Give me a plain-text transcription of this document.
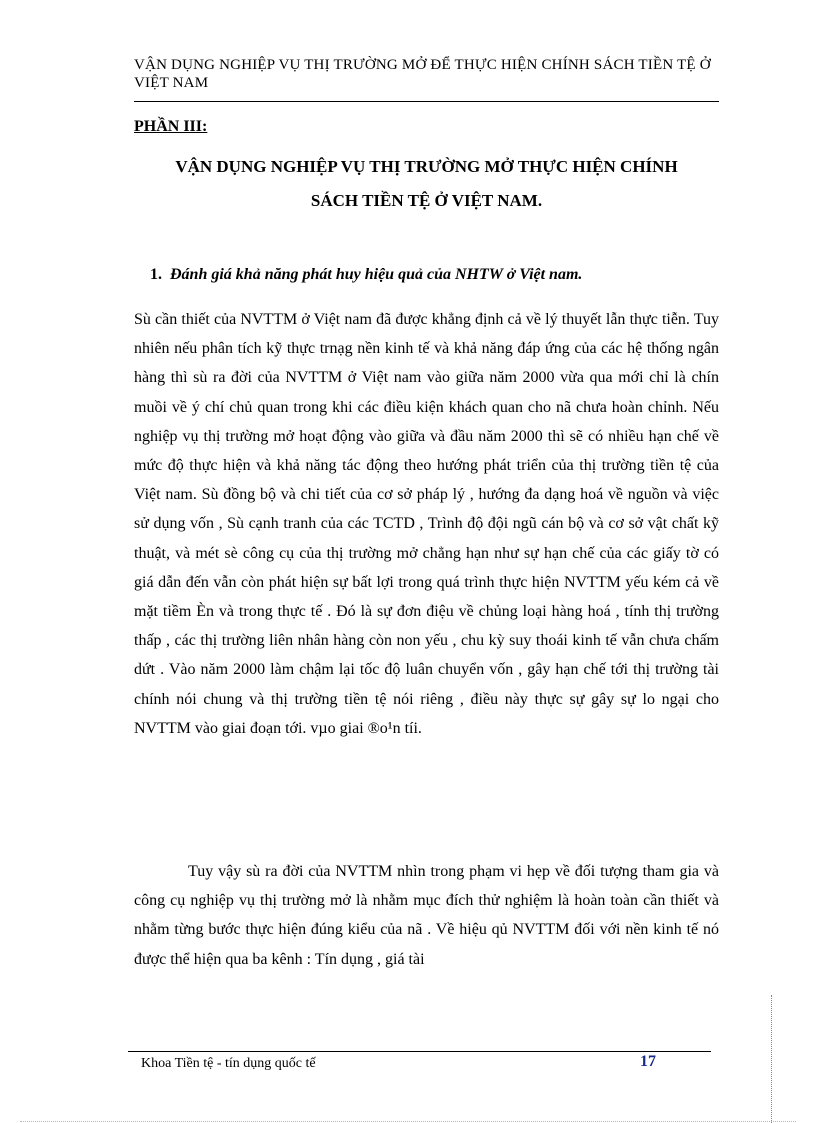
VẬN DỤNG NGHIỆP VỤ THỊ TRƯỜNG MỞ ĐỂ THỰC HIỆN CHÍNH SÁCH TIỀN TỆ Ở VIỆT NAM
PHẦN III:
VẬN DỤNG NGHIỆP VỤ THỊ TRƯỜNG MỞ THỰC HIỆN CHÍNH
SÁCH TIỀN TỆ Ở VIỆT NAM.
1. Đánh giá khả năng phát huy hiệu quả của NHTW ở Việt nam.
Sù cần thiết của NVTTM ở Việt nam đã được khẳng định cả về lý thuyết lẫn thực tiễn. Tuy nhiên nếu phân tích kỹ thực trnạg nền kinh tế và khả năng đáp ứng của các hệ thống ngân hàng thì sù ra đời của NVTTM ở Việt nam vào giữa năm 2000 vừa qua mới chỉ là chín muồi về ý chí chủ quan trong khi các điều kiện khách quan cho nã chưa hoàn chỉnh. Nếu nghiệp vụ thị trường mở hoạt động vào giữa và đầu năm 2000 thì sẽ có nhiều hạn chế về mức độ thực hiện và khả năng tác động theo hướng phát triển của thị trường tiền tệ của Việt nam. Sù đồng bộ và chi tiết của cơ sở pháp lý , hướng đa dạng hoá về nguồn và việc sử dụng vốn , Sù cạnh tranh của các TCTD , Trình độ đội ngũ cán bộ và cơ sở vật chất kỹ thuật, và mét sè công cụ của thị trường mở chẳng hạn như sự hạn chế của các giấy tờ có giá dẫn đến vẫn còn phát hiện sự bất lợi trong quá trình thực hiện NVTTM yếu kém cả về mặt tiềm Èn và trong thực tế . Đó là sự đơn điệu về chủng loại hàng hoá , tính thị trường thấp , các thị trường liên nhân hàng còn non yếu , chu kỳ suy thoái kinh tế vẫn chưa chấm dứt . Vào năm 2000 làm chậm lại tốc độ luân chuyển vốn , gây hạn chế tới thị trường tài chính nói chung và thị trường tiền tệ nói riêng , điều này thực sự gây sự lo ngại cho NVTTM vào giai đoạn tới. vµo giai ®o¹n tíi.
Tuy vậy sù ra đời của NVTTM nhìn trong phạm vi hẹp về đối tượng tham gia và công cụ nghiệp vụ thị trường mở là nhằm mục đích thử nghiệm là hoàn toàn cần thiết và nhằm từng bước thực hiện đúng kiểu của nã . Về hiệu qủ NVTTM đối với nền kinh tế nó được thể hiện qua ba kênh : Tín dụng , giá tài
Khoa Tiền tệ - tín dụng quốc tế	17
